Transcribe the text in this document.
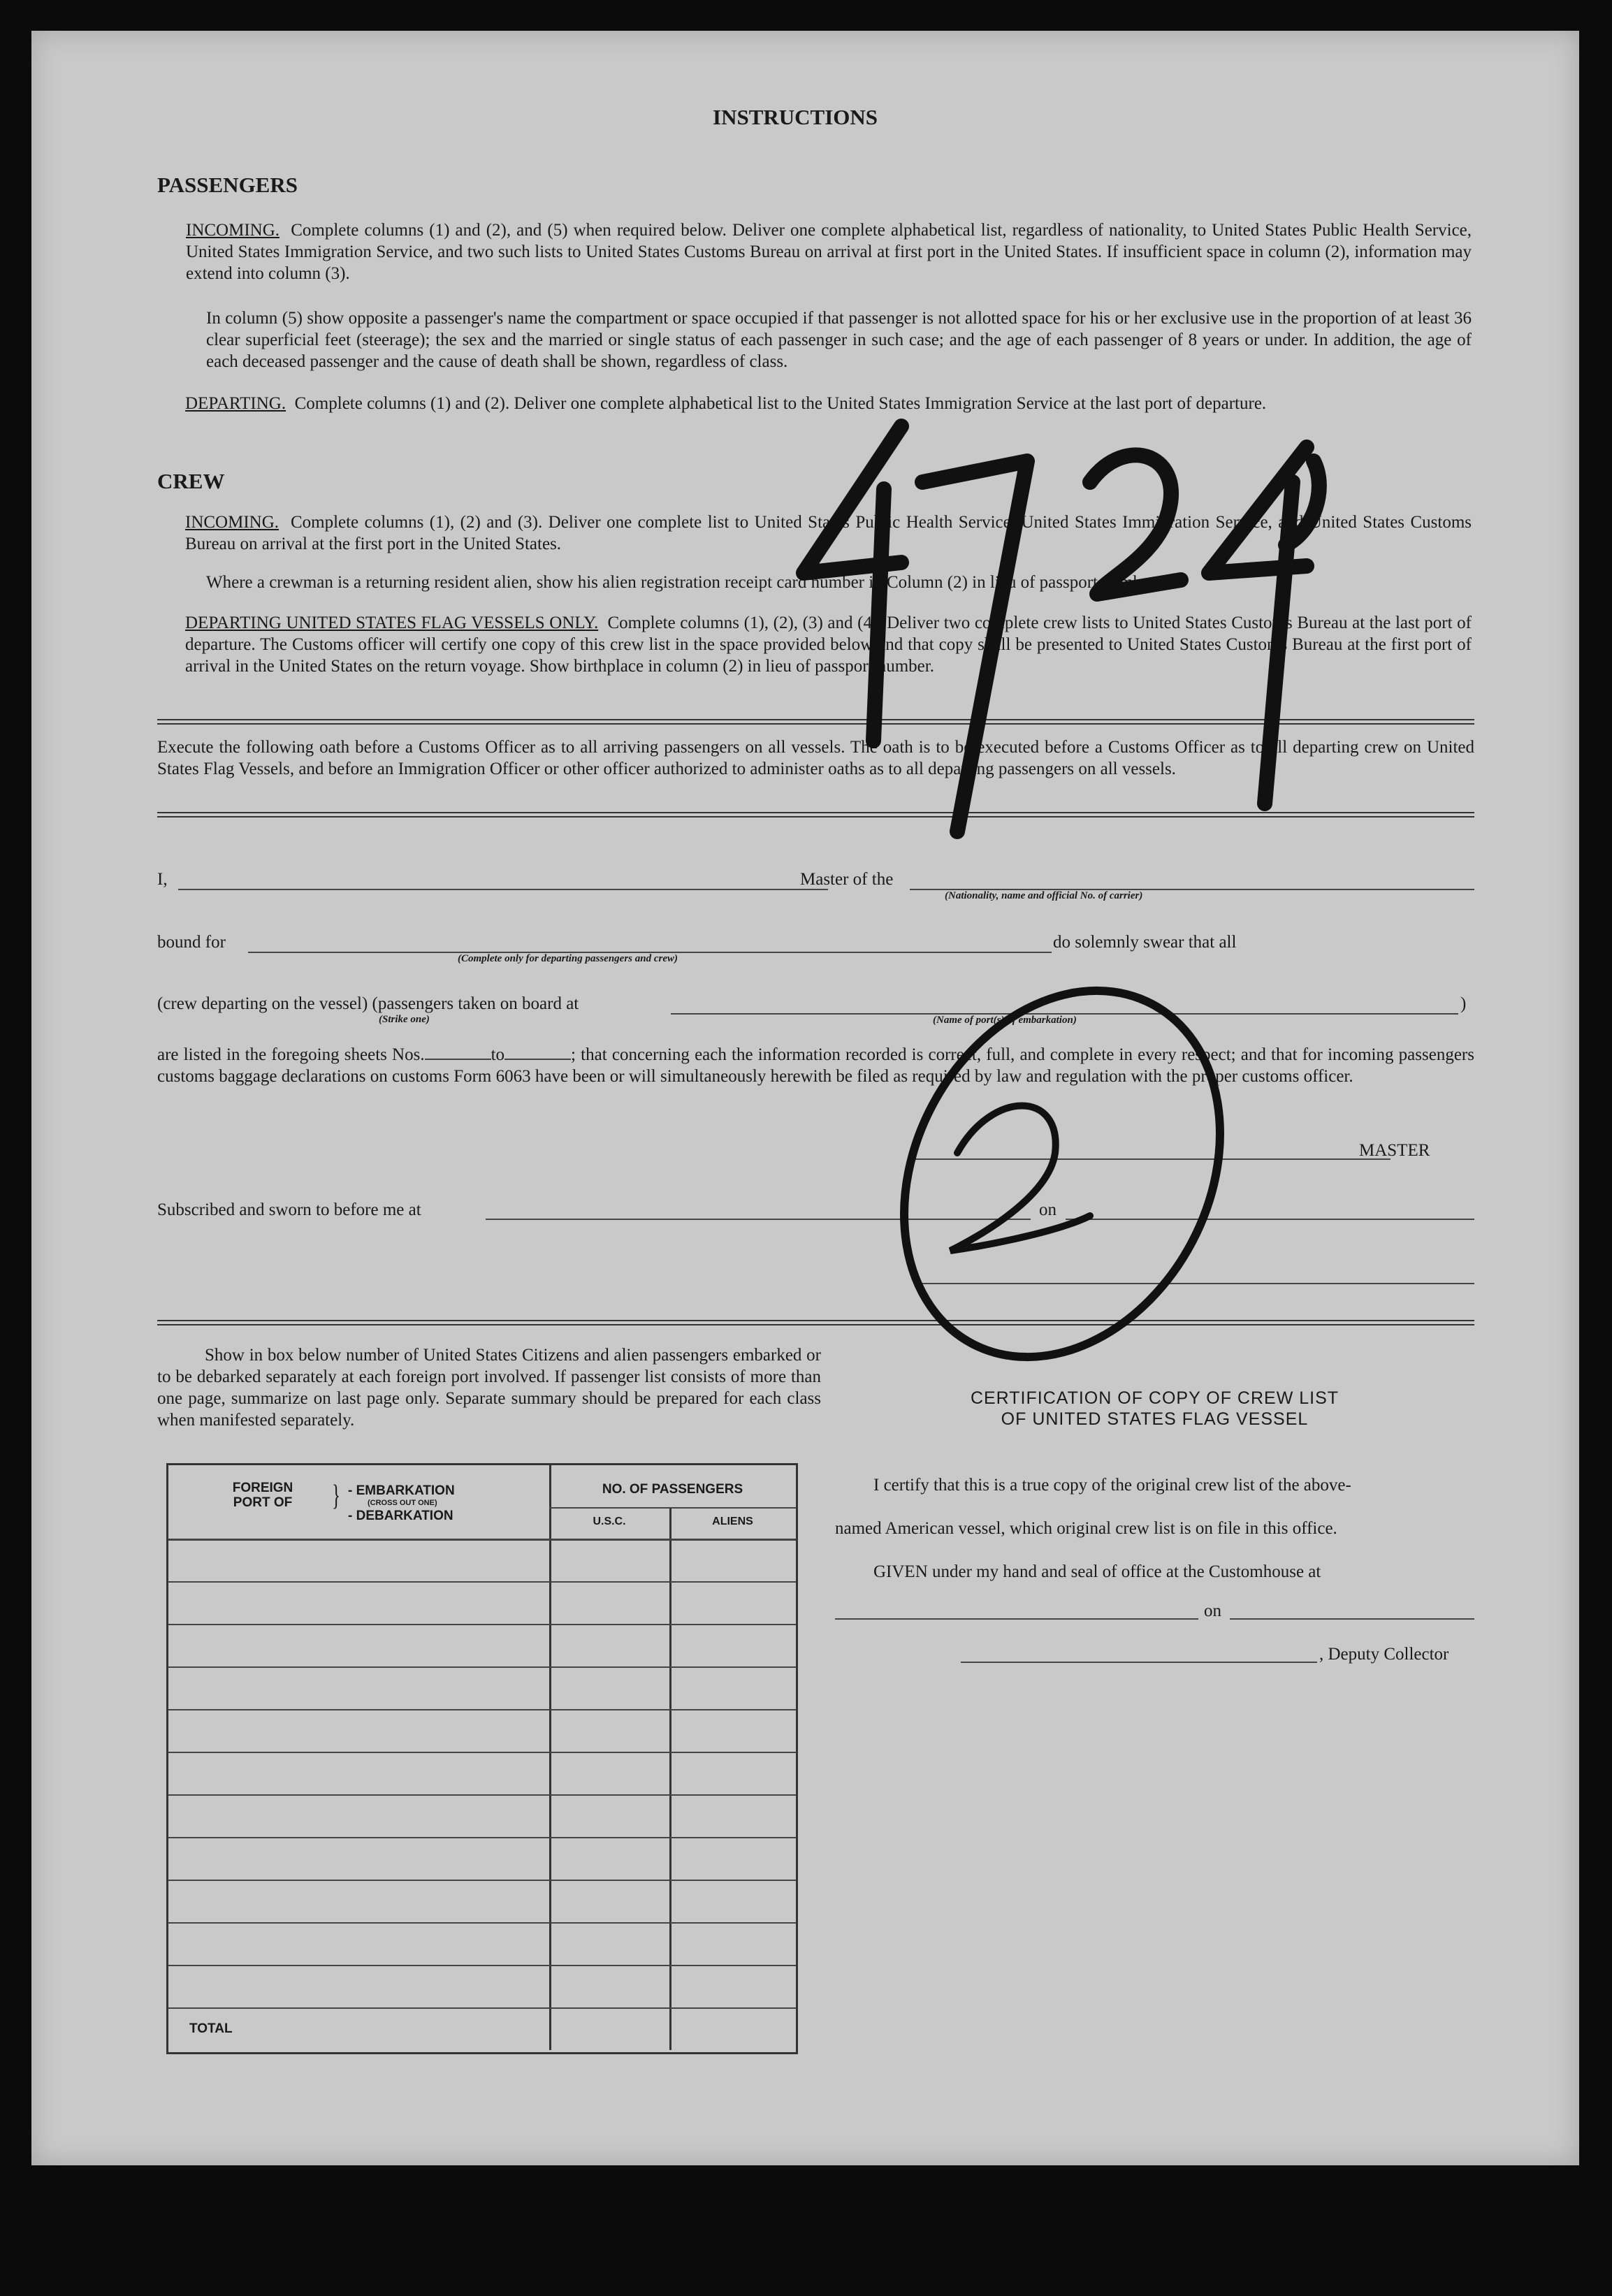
INSTRUCTIONS
PASSENGERS
INCOMING. Complete columns (1) and (2), and (5) when required below. Deliver one complete alphabetical list, regardless of nationality, to United States Public Health Service, United States Immigration Service, and two such lists to United States Customs Bureau on arrival at first port in the United States. If insufficient space in column (2), information may extend into column (3).
In column (5) show opposite a passenger's name the compartment or space occupied if that passenger is not allotted space for his or her exclusive use in the proportion of at least 36 clear superficial feet (steerage); the sex and the married or single status of each passenger in such case; and the age of each passenger of 8 years or under. In addition, the age of each deceased passenger and the cause of death shall be shown, regardless of class.
DEPARTING. Complete columns (1) and (2). Deliver one complete alphabetical list to the United States Immigration Service at the last port of departure.
CREW
INCOMING. Complete columns (1), (2) and (3). Deliver one complete list to United States Public Health Service, United States Immigration Service, and United States Customs Bureau on arrival at the first port in the United States.
Where a crewman is a returning resident alien, show his alien registration receipt card number in Column (2) in lieu of passport number.
DEPARTING UNITED STATES FLAG VESSELS ONLY. Complete columns (1), (2), (3) and (4). Deliver two complete crew lists to United States Customs Bureau at the last port of departure. The Customs officer will certify one copy of this crew list in the space provided below and that copy shall be presented to United States Customs Bureau at the first port of arrival in the United States on the return voyage. Show birthplace in column (2) in lieu of passport number.
Execute the following oath before a Customs Officer as to all arriving passengers on all vessels. The oath is to be executed before a Customs Officer as to all departing crew on United States Flag Vessels, and before an Immigration Officer or other officer authorized to administer oaths as to all departing passengers on all vessels.
I,	Master of the
(Nationality, name and official No. of carrier)
bound for
(Complete only for departing passengers and crew)
do solemnly swear that all
(crew departing on the vessel) (passengers taken on board at
(Strike one)
)
(Name of port(s) of embarkation)
are listed in the foregoing sheets Nos.	to	; that concerning each the information recorded is correct, full, and complete in every respect; and that for incoming passengers customs baggage declarations on customs Form 6063 have been or will simultaneously herewith be filed as required by law and regulation with the proper customs officer.
MASTER
Subscribed and sworn to before me at	on
Show in box below number of United States Citizens and alien passengers embarked or to be debarked separately at each foreign port involved. If passenger list consists of more than one page, summarize on last page only. Separate summary should be prepared for each class when manifested separately.
FOREIGN PORT OF	} - EMBARKATION
(CROSS OUT ONE)
- DEBARKATION
NO. OF PASSENGERS
U.S.C.	ALIENS
TOTAL
CERTIFICATION OF COPY OF CREW LIST
OF UNITED STATES FLAG VESSEL
I certify that this is a true copy of the original crew list of the above-
named American vessel, which original crew list is on file in this office.
GIVEN under my hand and seal of office at the Customhouse at
on
, Deputy Collector
